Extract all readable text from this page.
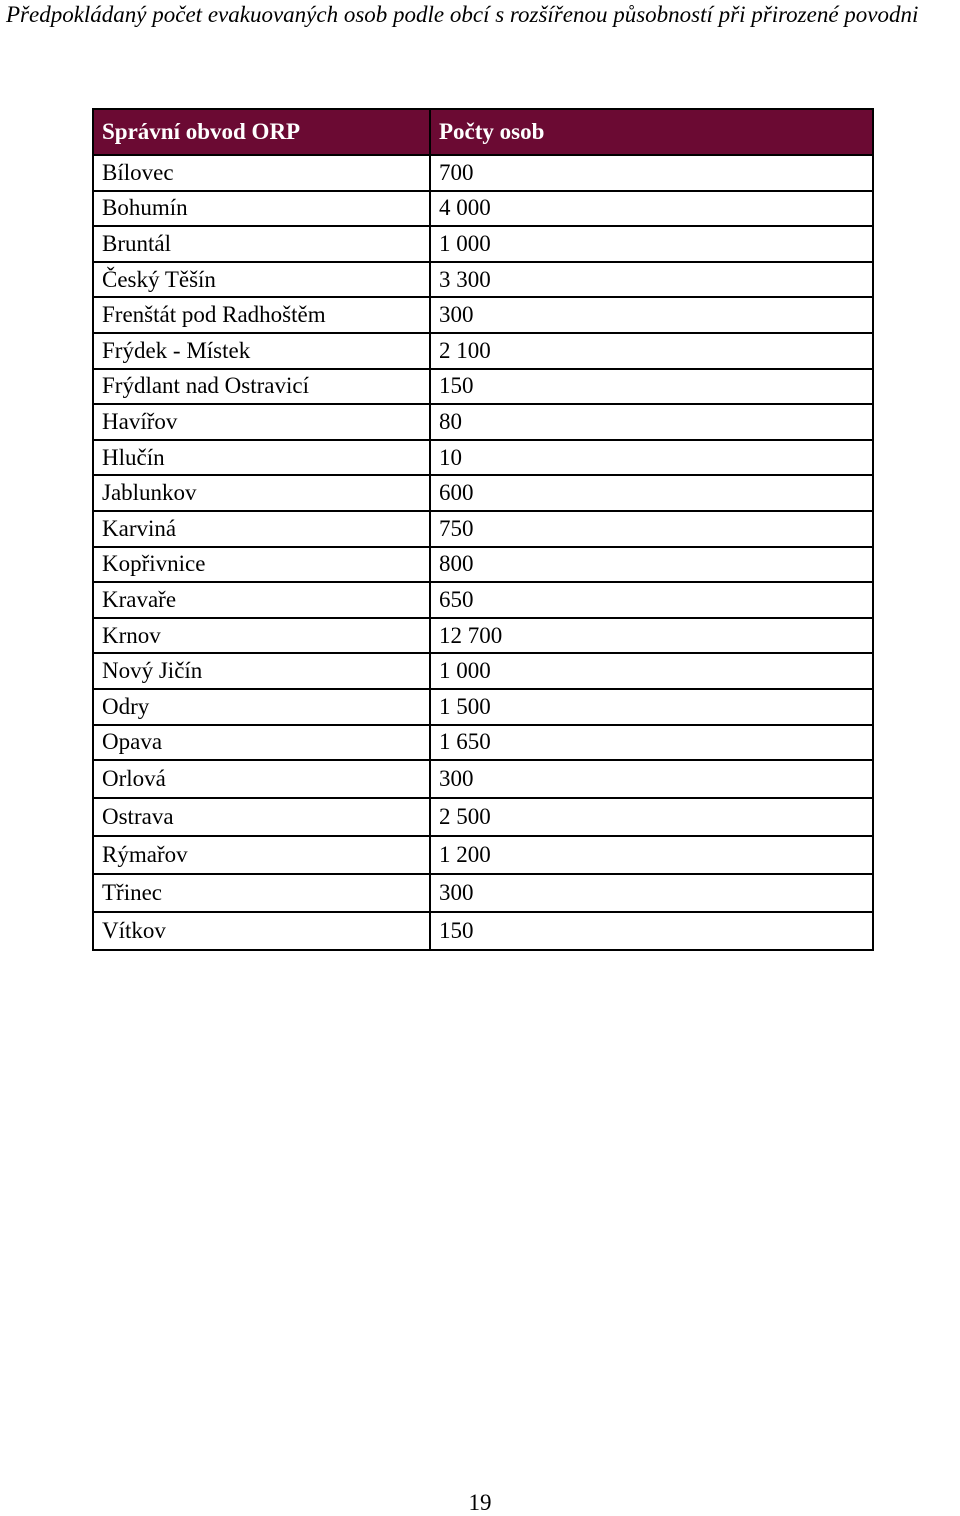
Předpokládaný počet evakuovaných osob podle obcí s rozšířenou působností při přirozené povodni

Správní obvod ORP	Počty osob
Bílovec	700
Bohumín	4 000
Bruntál	1 000
Český Těšín	3 300
Frenštát pod Radhoštěm	300
Frýdek - Místek	2 100
Frýdlant nad Ostravicí	150
Havířov	80
Hlučín	10
Jablunkov	600
Karviná	750
Kopřivnice	800
Kravaře	650
Krnov	12 700
Nový Jičín	1 000
Odry	1 500
Opava	1 650
Orlová	300
Ostrava	2 500
Rýmařov	1 200
Třinec	300
Vítkov	150
19
